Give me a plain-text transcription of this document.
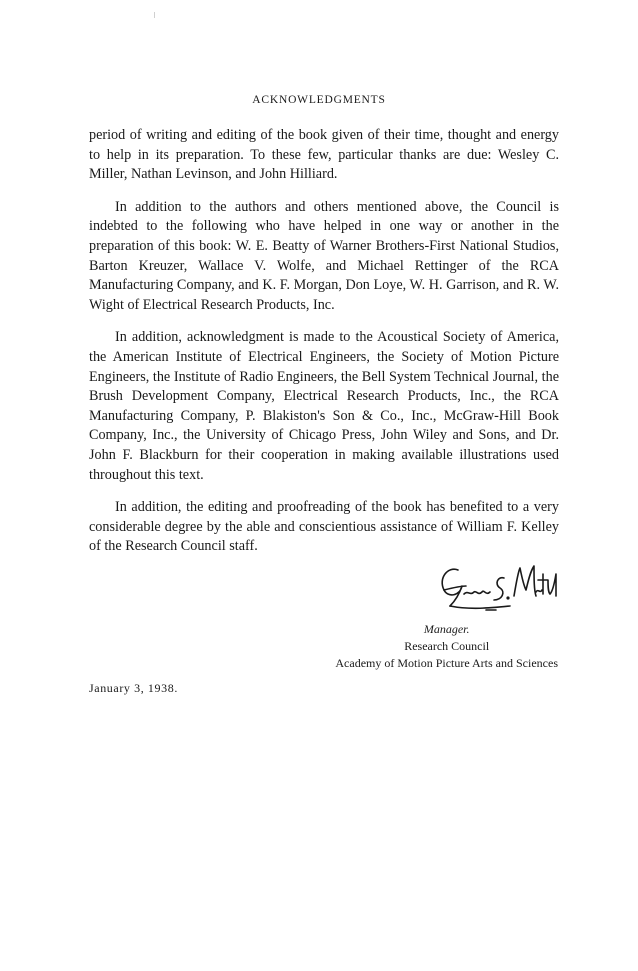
ACKNOWLEDGMENTS

period of writing and editing of the book given of their time, thought and energy to help in its preparation. To these few, particular thanks are due: Wesley C. Miller, Nathan Levinson, and John Hilliard.

In addition to the authors and others mentioned above, the Council is indebted to the following who have helped in one way or another in the preparation of this book: W. E. Beatty of Warner Brothers-First National Studios, Barton Kreuzer, Wallace V. Wolfe, and Michael Rettinger of the RCA Manufacturing Company, and K. F. Morgan, Don Loye, W. H. Garrison, and R. W. Wight of Electrical Research Products, Inc.

In addition, acknowledgment is made to the Acoustical Society of America, the American Institute of Electrical Engineers, the Society of Motion Picture Engineers, the Institute of Radio Engineers, the Bell System Technical Journal, the Brush Development Company, Electrical Research Products, Inc., the RCA Manufacturing Company, P. Blakiston's Son & Co., Inc., McGraw-Hill Book Company, Inc., the University of Chicago Press, John Wiley and Sons, and Dr. John F. Blackburn for their cooperation in making available illustrations used throughout this text.

In addition, the editing and proofreading of the book has benefited to a very considerable degree by the able and conscientious assistance of William F. Kelley of the Research Council staff.

Manager.
Research Council
Academy of Motion Picture Arts and Sciences
January 3, 1938.
